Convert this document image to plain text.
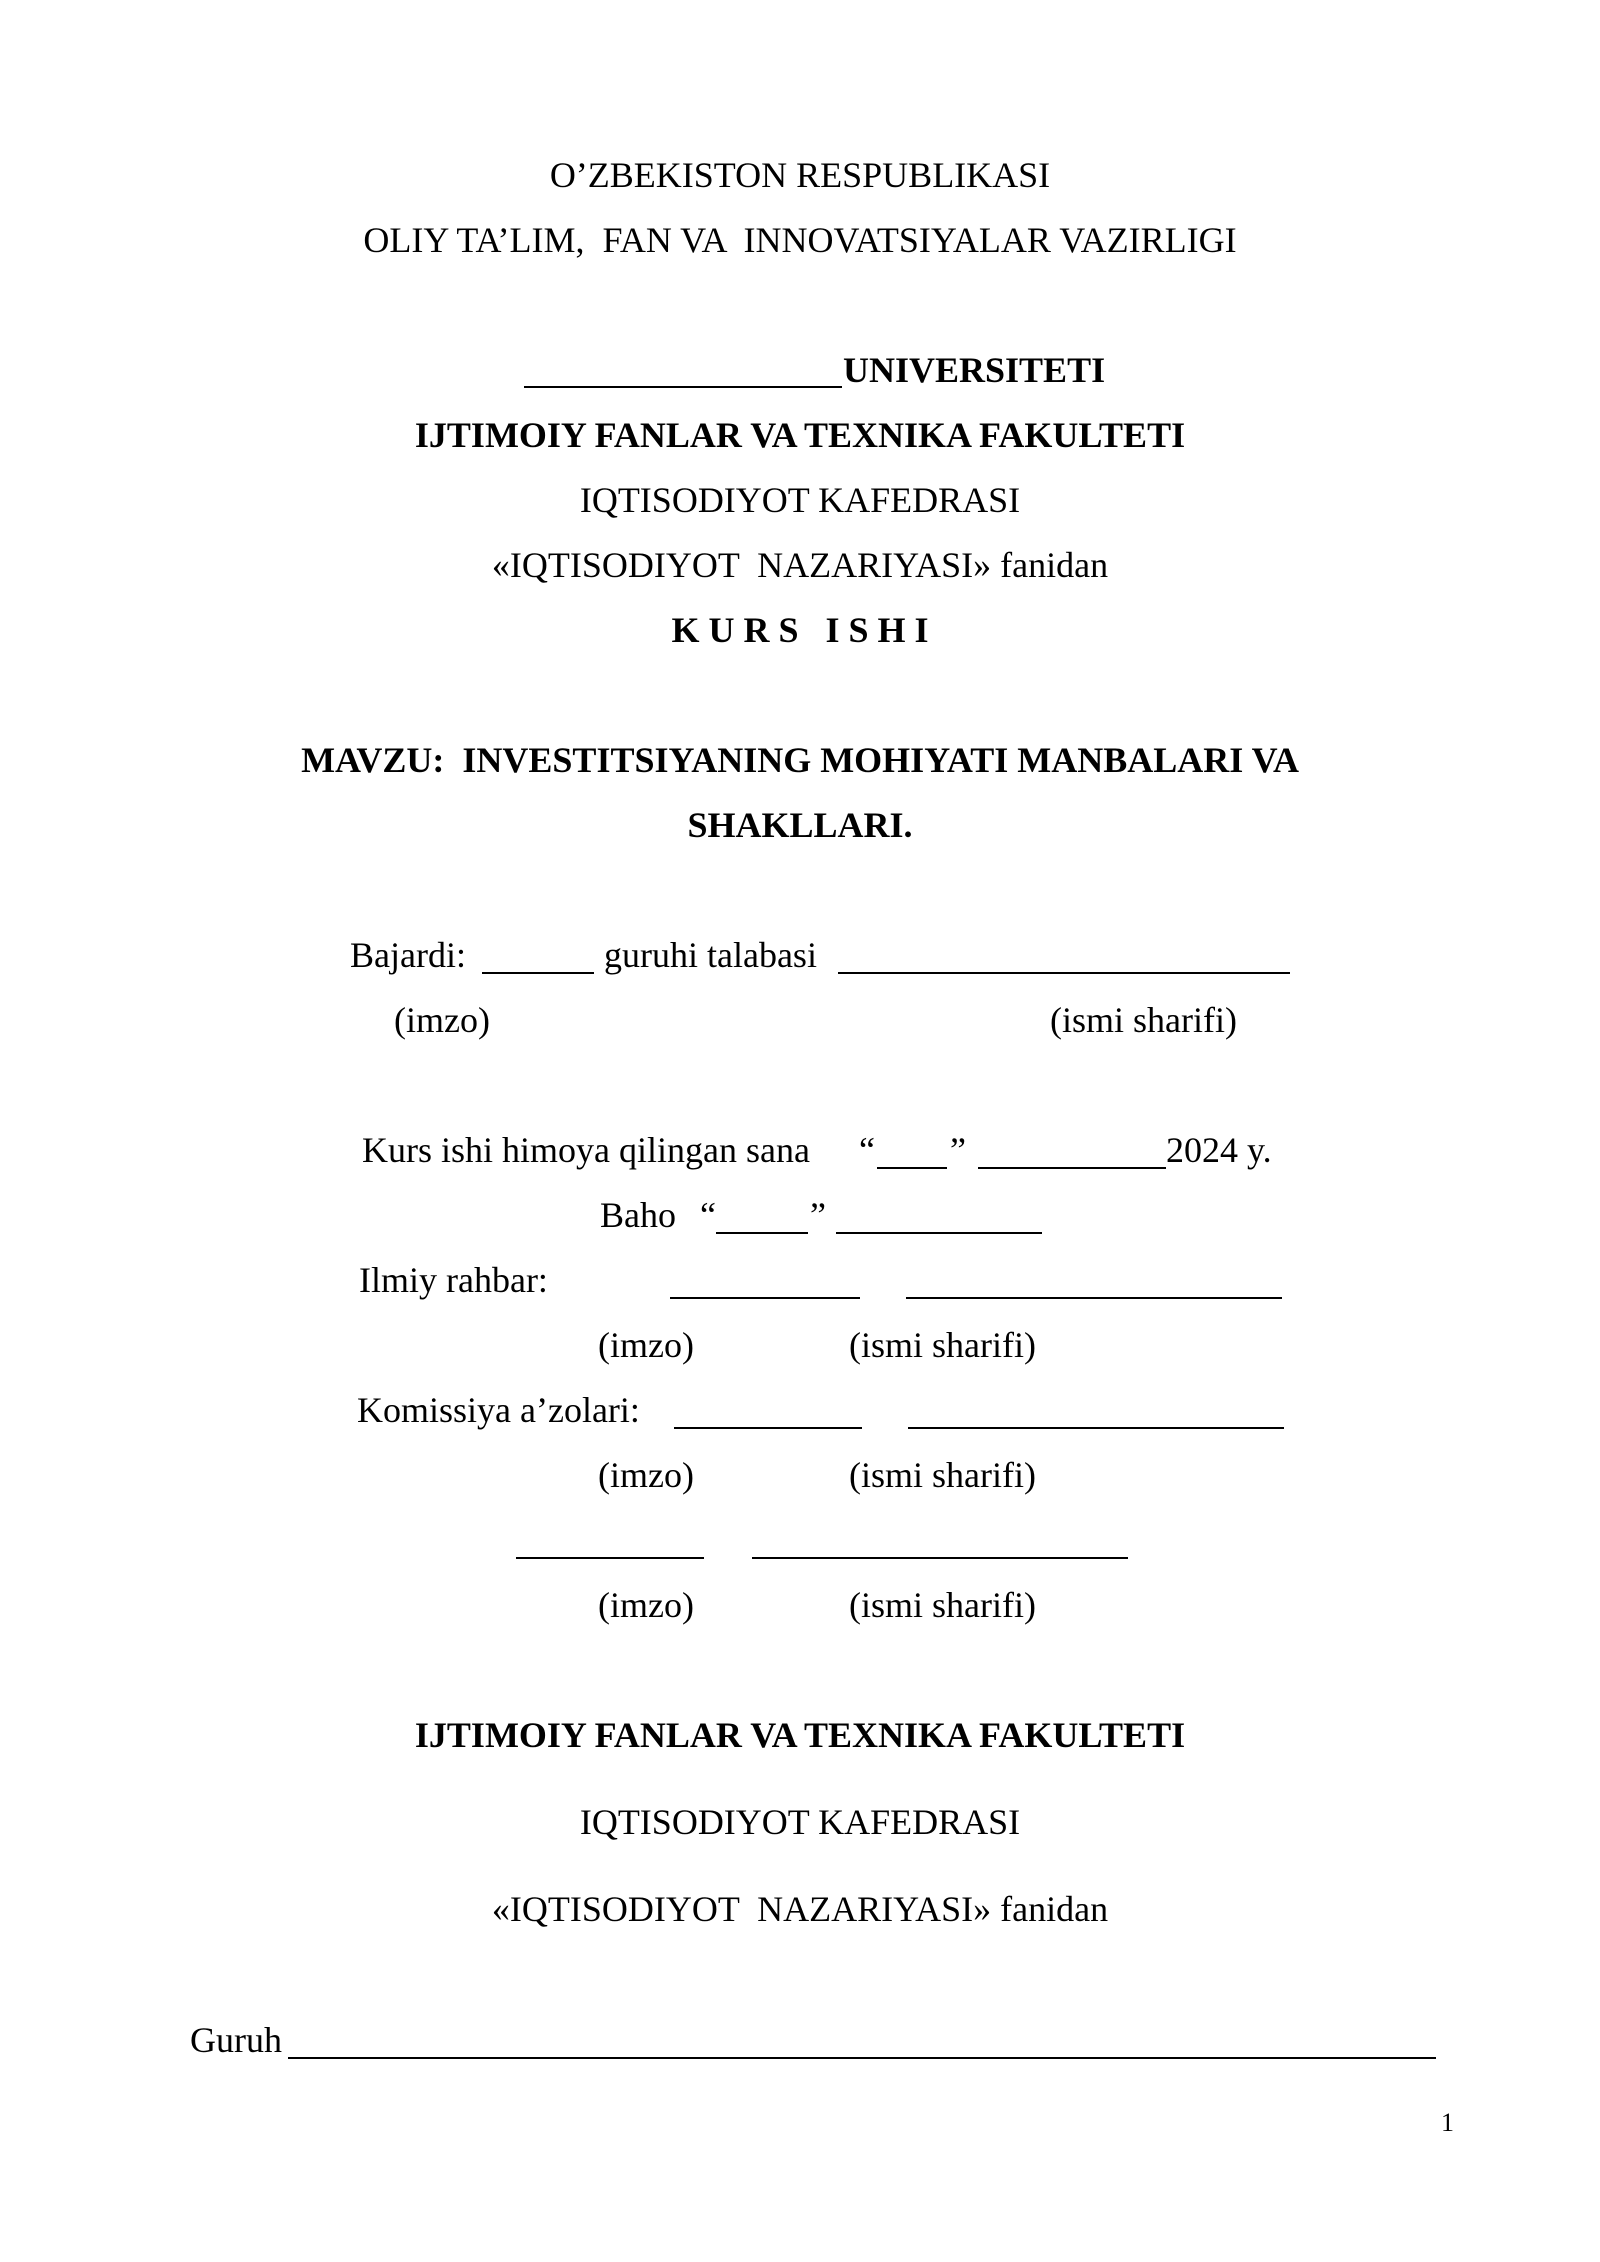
O’ZBEKISTON RESPUBLIKASI
OLIY TA’LIM,  FAN VA  INNOVATSIYALAR VAZIRLIGI
UNIVERSITETI
IJTIMOIY FANLAR VA TEXNIKA FAKULTETI
IQTISODIYOT KAFEDRASI
«IQTISODIYOT  NAZARIYASI» fanidan
K U R S   I S H I
MAVZU:  INVESTITSIYANING MOHIYATI MANBALARI VA
SHAKLLARI.
Bajardi:	guruhi talabasi
(imzo)	(ismi sharifi)
Kurs ishi himoya qilingan sana “ ”	2024 y.
Baho “	”
Ilmiy rahbar:
(imzo)	(ismi sharifi)
Komissiya a’zolari:
(imzo)	(ismi sharifi)
(imzo)	(ismi sharifi)
IJTIMOIY FANLAR VA TEXNIKA FAKULTETI
IQTISODIYOT KAFEDRASI
«IQTISODIYOT  NAZARIYASI» fanidan
Guruh
1
